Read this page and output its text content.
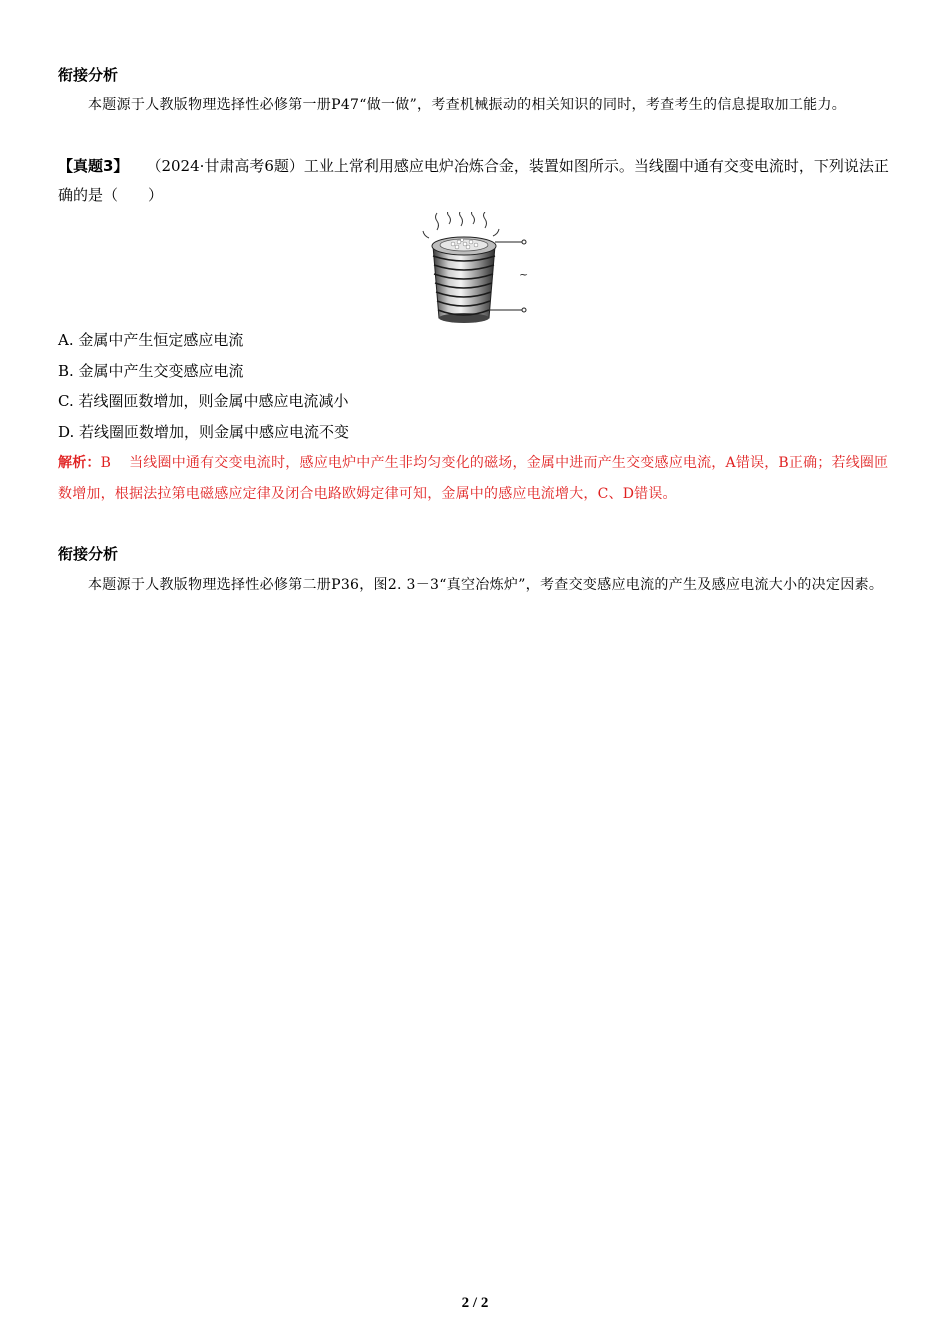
衔接分析
本题源于人教版物理选择性必修第一册P47“做一做”，考查机械振动的相关知识的同时，考查考生的信息提取加工能力。
【真题3】 （2024·甘肃高考6题）工业上常利用感应电炉冶炼合金，装置如图所示。当线圈中通有交变电流时，下列说法正确的是（　　）
~
A. 金属中产生恒定感应电流
B. 金属中产生交变感应电流
C. 若线圈匝数增加，则金属中感应电流减小
D. 若线圈匝数增加，则金属中感应电流不变
解析：B 当线圈中通有交变电流时，感应电炉中产生非均匀变化的磁场，金属中进而产生交变感应电流，A错误，B正确；若线圈匝数增加，根据法拉第电磁感应定律及闭合电路欧姆定律可知，金属中的感应电流增大，C、D错误。
衔接分析
本题源于人教版物理选择性必修第二册P36，图2. 3－3“真空冶炼炉”，考查交变感应电流的产生及感应电流大小的决定因素。
2 / 2
